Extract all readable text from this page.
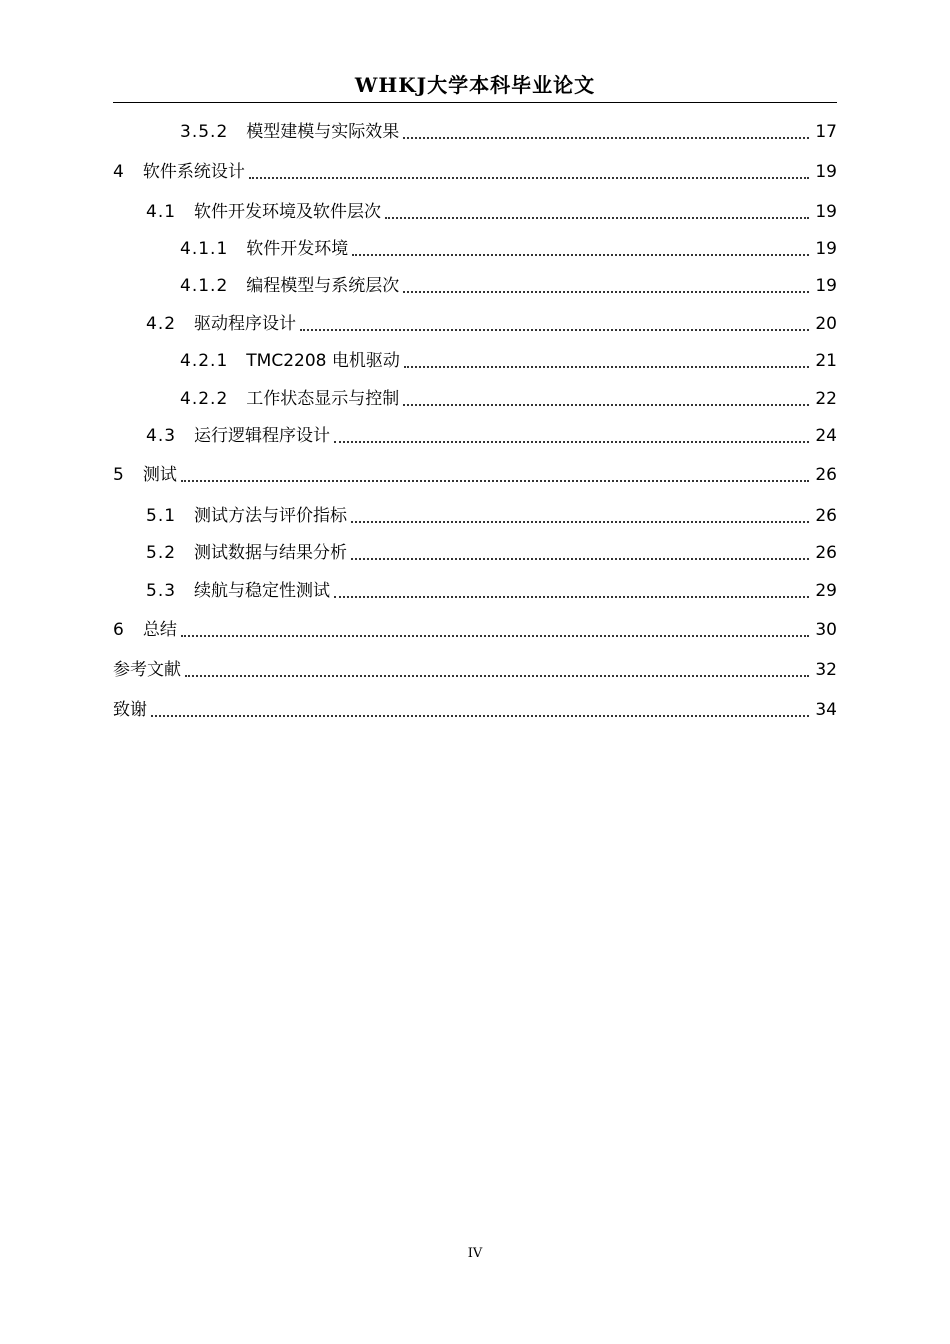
WHKJ大学本科毕业论文
3.5.2 模型建模与实际效果	17
4 软件系统设计	19
4.1 软件开发环境及软件层次	19
4.1.1 软件开发环境	19
4.1.2 编程模型与系统层次	19
4.2 驱动程序设计	20
4.2.1 TMC2208 电机驱动	21
4.2.2 工作状态显示与控制	22
4.3 运行逻辑程序设计	24
5 测试	26
5.1 测试方法与评价指标	26
5.2 测试数据与结果分析	26
5.3 续航与稳定性测试	29
6 总结	30
参考文献	32
致谢	34
IV
